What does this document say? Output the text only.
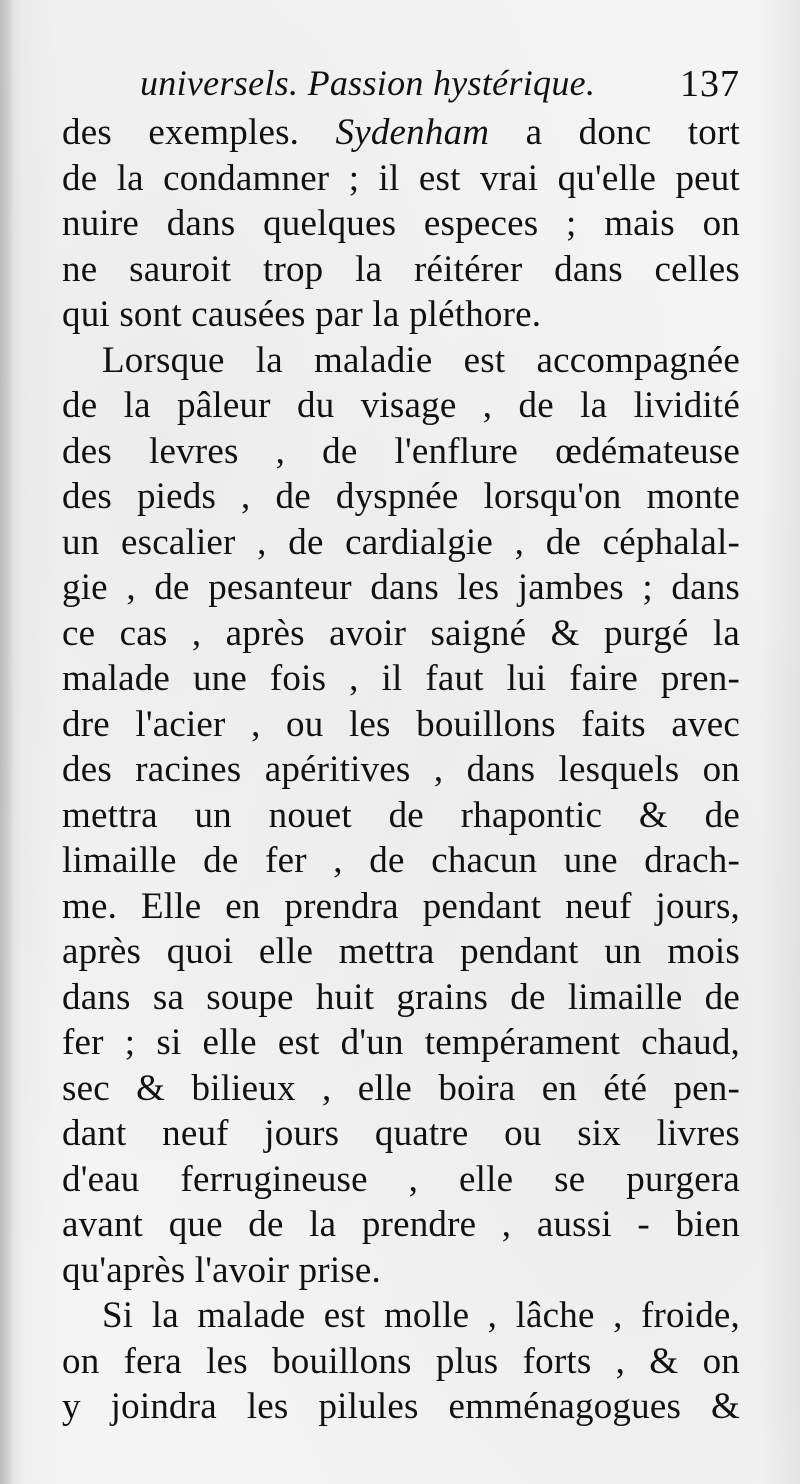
universels. Passion hystérique. 137
des exemples. Sydenham a donc tort
de la condamner ; il est vrai qu'elle peut
nuire dans quelques especes ; mais on
ne sauroit trop la réitérer dans celles
qui sont causées par la pléthore.
Lorsque la maladie est accompagnée
de la pâleur du visage , de la lividité
des levres , de l'enflure œdémateuse
des pieds , de dyspnée lorsqu'on monte
un escalier , de cardialgie , de céphalal-
gie , de pesanteur dans les jambes ; dans
ce cas , après avoir saigné & purgé la
malade une fois , il faut lui faire pren-
dre l'acier , ou les bouillons faits avec
des racines apéritives , dans lesquels on
mettra un nouet de rhapontic & de
limaille de fer , de chacun une drach-
me. Elle en prendra pendant neuf jours,
après quoi elle mettra pendant un mois
dans sa soupe huit grains de limaille de
fer ; si elle est d'un tempérament chaud,
sec & bilieux , elle boira en été pen-
dant neuf jours quatre ou six livres
d'eau ferrugineuse , elle se purgera
avant que de la prendre , aussi - bien
qu'après l'avoir prise.
Si la malade est molle , lâche , froide,
on fera les bouillons plus forts , & on
y joindra les pilules emménagogues &
